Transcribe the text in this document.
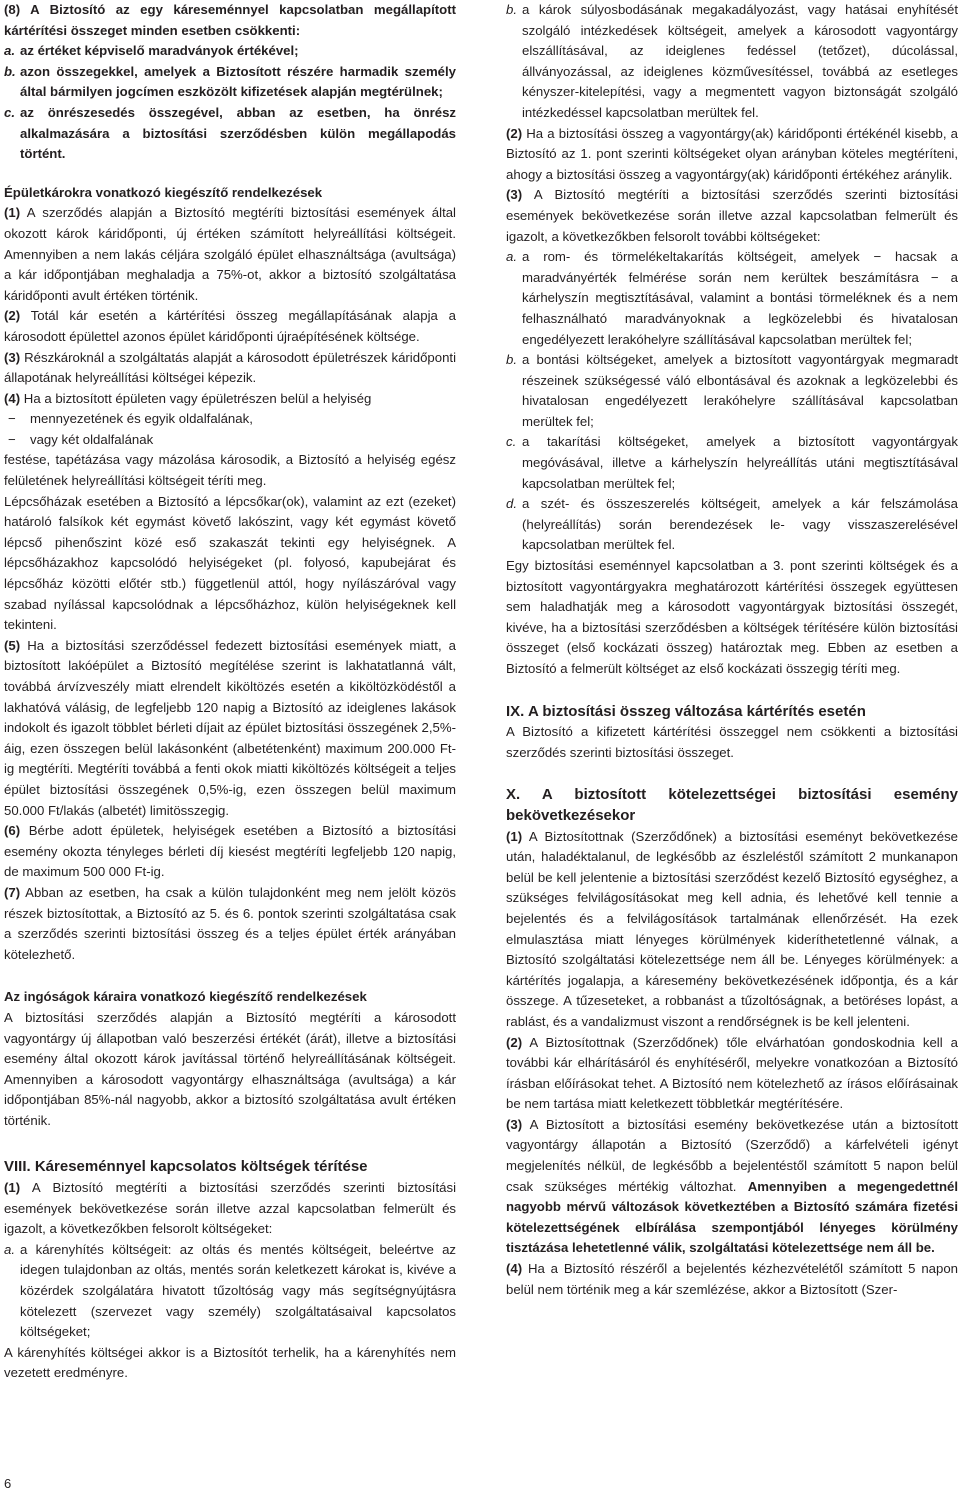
(8) A Biztosító az egy káreseménnyel kapcsolatban megállapított kártérítési összeget minden esetben csökkenti:

a. az értéket képviselő maradványok értékével;
b. azon összegekkel, amelyek a Biztosított részére harmadik személy által bármilyen jogcímen eszközölt kifizetések alapján megtérülnek;
c. az önrészesedés összegével, abban az esetben, ha önrész alkalmazására a biztosítási szerződésben külön megállapodás történt.

Épületkárokra vonatkozó kiegészítő rendelkezések

(1) A szerződés alapján a Biztosító megtéríti biztosítási események által okozott károk káridőponti, új értéken számított helyreállítási költségeit. Amennyiben a nem lakás céljára szolgáló épület elhasználtsága (avultsága) a kár időpontjában meghaladja a 75%-ot, akkor a biztosító szolgáltatása káridőponti avult értéken történik.

(2) Totál kár esetén a kártérítési összeg megállapításának alapja a károsodott épülettel azonos épület káridőponti újraépítésének költsége.

(3) Részkároknál a szolgáltatás alapját a károsodott épületrészek káridőponti állapotának helyreállítási költségei képezik.

(4) Ha a biztosított épületen vagy épületrészen belül a helyiség

−	mennyezetének és egyik oldalfalának,
−	vagy két oldalfalának

festése, tapétázása vagy mázolása károsodik, a Biztosító a helyiség egész felületének helyreállítási költségeit téríti meg.

Lépcsőházak esetében a Biztosító a lépcsőkar(ok), valamint az ezt (ezeket) határoló falsíkok két egymást követő lakószint, vagy két egymást követő lépcső pihenőszint közé eső szakaszát tekinti egy helyiségnek. A lépcsőházakhoz kapcsolódó helyiségeket (pl. folyosó, kapubejárat és lépcsőház közötti előtér stb.) függetlenül attól, hogy nyílászáróval vagy szabad nyílással kapcsolódnak a lépcsőházhoz, külön helyiségeknek kell tekinteni.

(5) Ha a biztosítási szerződéssel fedezett biztosítási események miatt, a biztosított lakóépület a Biztosító megítélése szerint is lakhatatlanná vált, továbbá árvízveszély miatt elrendelt kiköltözés esetén a kiköltözködéstől a lakhatóvá válásig, de legfeljebb 120 napig a Biztosító az ideiglenes lakások indokolt és igazolt többlet bérleti díjait az épület biztosítási összegének 2,5%-áig, ezen összegen belül lakásonként (albetétenként) maximum 200.000 Ft-ig megtéríti. Megtéríti továbbá a fenti okok miatti kiköltözés költségeit a teljes épület biztosítási összegének 0,5%-ig, ezen összegen belül maximum 50.000 Ft/lakás (albetét) limitösszegig.

(6) Bérbe adott épületek, helyiségek esetében a Biztosító a biztosítási esemény okozta tényleges bérleti díj kiesést megtéríti legfeljebb 120 napig, de maximum 500 000 Ft-ig.

(7) Abban az esetben, ha csak a külön tulajdonként meg nem jelölt közös részek biztosítottak, a Biztosító az 5. és 6. pontok szerinti szolgáltatása csak a szerződés szerinti biztosítási összeg és a teljes épület érték arányában kötelezhető.

Az ingóságok káraira vonatkozó kiegészítő rendelkezések

A biztosítási szerződés alapján a Biztosító megtéríti a károsodott vagyontárgy új állapotban való beszerzési értékét (árát), illetve a biztosítási esemény által okozott károk javítással történő helyreállításának költségeit. Amennyiben a károsodott vagyontárgy elhasználtsága (avultsága) a kár időpontjában 85%-nál nagyobb, akkor a biztosító szolgáltatása avult értéken történik.

VIII. Káreseménnyel kapcsolatos költségek térítése

(1) A Biztosító megtéríti a biztosítási szerződés szerinti biztosítási események bekövetkezése során illetve azzal kapcsolatban felmerült és igazolt, a következőkben felsorolt költségeket:

a. a kárenyhítés költségeit: az oltás és mentés költségeit, beleértve az idegen tulajdonban az oltás, mentés során keletkezett károkat is, kivéve a közérdek szolgálatára hivatott tűzoltóság vagy más segítségnyújtásra kötelezett (szervezet vagy személy) szolgáltatásaival kapcsolatos költségeket;

A kárenyhítés költségei akkor is a Biztosítót terhelik, ha a kárenyhítés nem vezetett eredményre.

b. a károk súlyosbodásának megakadályozást, vagy hatásai enyhítését szolgáló intézkedések költségeit, amelyek a károsodott vagyontárgy elszállításával, az ideiglenes fedéssel (tetőzet), dúcolással, állványozással, az ideiglenes közművesítéssel, továbbá az esetleges kényszer-kitelepítési, vagy a megmentett vagyon biztonságát szolgáló intézkedéssel kapcsolatban merültek fel.

(2) Ha a biztosítási összeg a vagyontárgy(ak) káridőponti értékénél kisebb, a Biztosító az 1. pont szerinti költségeket olyan arányban köteles megtéríteni, ahogy a biztosítási összeg a vagyontárgy(ak) káridőponti értékéhez aránylik.

(3) A Biztosító megtéríti a biztosítási szerződés szerinti biztosítási események bekövetkezése során illetve azzal kapcsolatban felmerült és igazolt, a következőkben felsorolt további költségeket:

a. a rom- és törmelékeltakarítás költségeit, amelyek − hacsak a maradványérték felmérése során nem kerültek beszámításra − a kárhelyszín megtisztításával, valamint a bontási törmeléknek és a nem felhasználható maradványoknak a legközelebbi és hivatalosan engedélyezett lerakóhelyre szállításával kapcsolatban merültek fel;
b. a bontási költségeket, amelyek a biztosított vagyontárgyak megmaradt részeinek szükségessé váló elbontásával és azoknak a legközelebbi és hivatalosan engedélyezett lerakóhelyre szállításával kapcsolatban merültek fel;
c. a takarítási költségeket, amelyek a biztosított vagyontárgyak megóvásával, illetve a kárhelyszín helyreállítás utáni megtisztításával kapcsolatban merültek fel;
d. a szét- és összeszerelés költségeit, amelyek a kár felszámolása (helyreállítás) során berendezések le- vagy visszaszerelésével kapcsolatban merültek fel.

Egy biztosítási eseménnyel kapcsolatban a 3. pont szerinti költségek és a biztosított vagyontárgyakra meghatározott kártérítési összegek együttesen sem haladhatják meg a károsodott vagyontárgyak biztosítási összegét, kivéve, ha a biztosítási szerződésben a költségek térítésére külön biztosítási összeget (első kockázati összeg) határoztak meg. Ebben az esetben a Biztosító a felmerült költséget az első kockázati összegig téríti meg.

IX. A biztosítási összeg változása kártérítés esetén

A Biztosító a kifizetett kártérítési összeggel nem csökkenti a biztosítási szerződés szerinti biztosítási összeget.

X. A biztosított kötelezettségei biztosítási esemény bekövetkezésekor

(1) A Biztosítottnak (Szerződőnek) a biztosítási eseményt bekövetkezése után, haladéktalanul, de legkésőbb az észleléstől számított 2 munkanapon belül be kell jelentenie a biztosítási szerződést kezelő Biztosító egységhez, a szükséges felvilágosításokat meg kell adnia, és lehetővé kell tennie a bejelentés és a felvilágosítások tartalmának ellenőrzését. Ha ezek elmulasztása miatt lényeges körülmények kideríthetetlenné válnak, a Biztosító szolgáltatási kötelezettsége nem áll be. Lényeges körülmények: a kártérítés jogalapja, a káresemény bekövetkezésének időpontja, és a kár összege. A tűzeseteket, a robbanást a tűzoltóságnak, a betöréses lopást, a rablást, és a vandalizmust viszont a rendőrségnek is be kell jelenteni.

(2) A Biztosítottnak (Szerződőnek) tőle elvárhatóan gondoskodnia kell a további kár elhárításáról és enyhítéséről, melyekre vonatkozóan a Biztosító írásban előírásokat tehet. A Biztosító nem kötelezhető az írásos előírásainak be nem tartása miatt keletkezett többletkár megtérítésére.

(3) A Biztosított a biztosítási esemény bekövetkezése után a biztosított vagyontárgy állapotán a Biztosító (Szerződő) a kárfelvételi igényt megjelenítés nélkül, de legkésőbb a bejelentéstől számított 5 napon belül csak szükséges mértékig változhat. Amennyiben a megengedettnél nagyobb mérvű változások következtében a Biztosító számára fizetési kötelezettségének elbírálása szempontjából lényeges körülmény tisztázása lehetetlenné válik, szolgáltatási kötelezettsége nem áll be.

(4) Ha a Biztosító részéről a bejelentés kézhezvételétől számított 5 napon belül nem történik meg a kár szemlézése, akkor a Biztosított (Szer-

6
